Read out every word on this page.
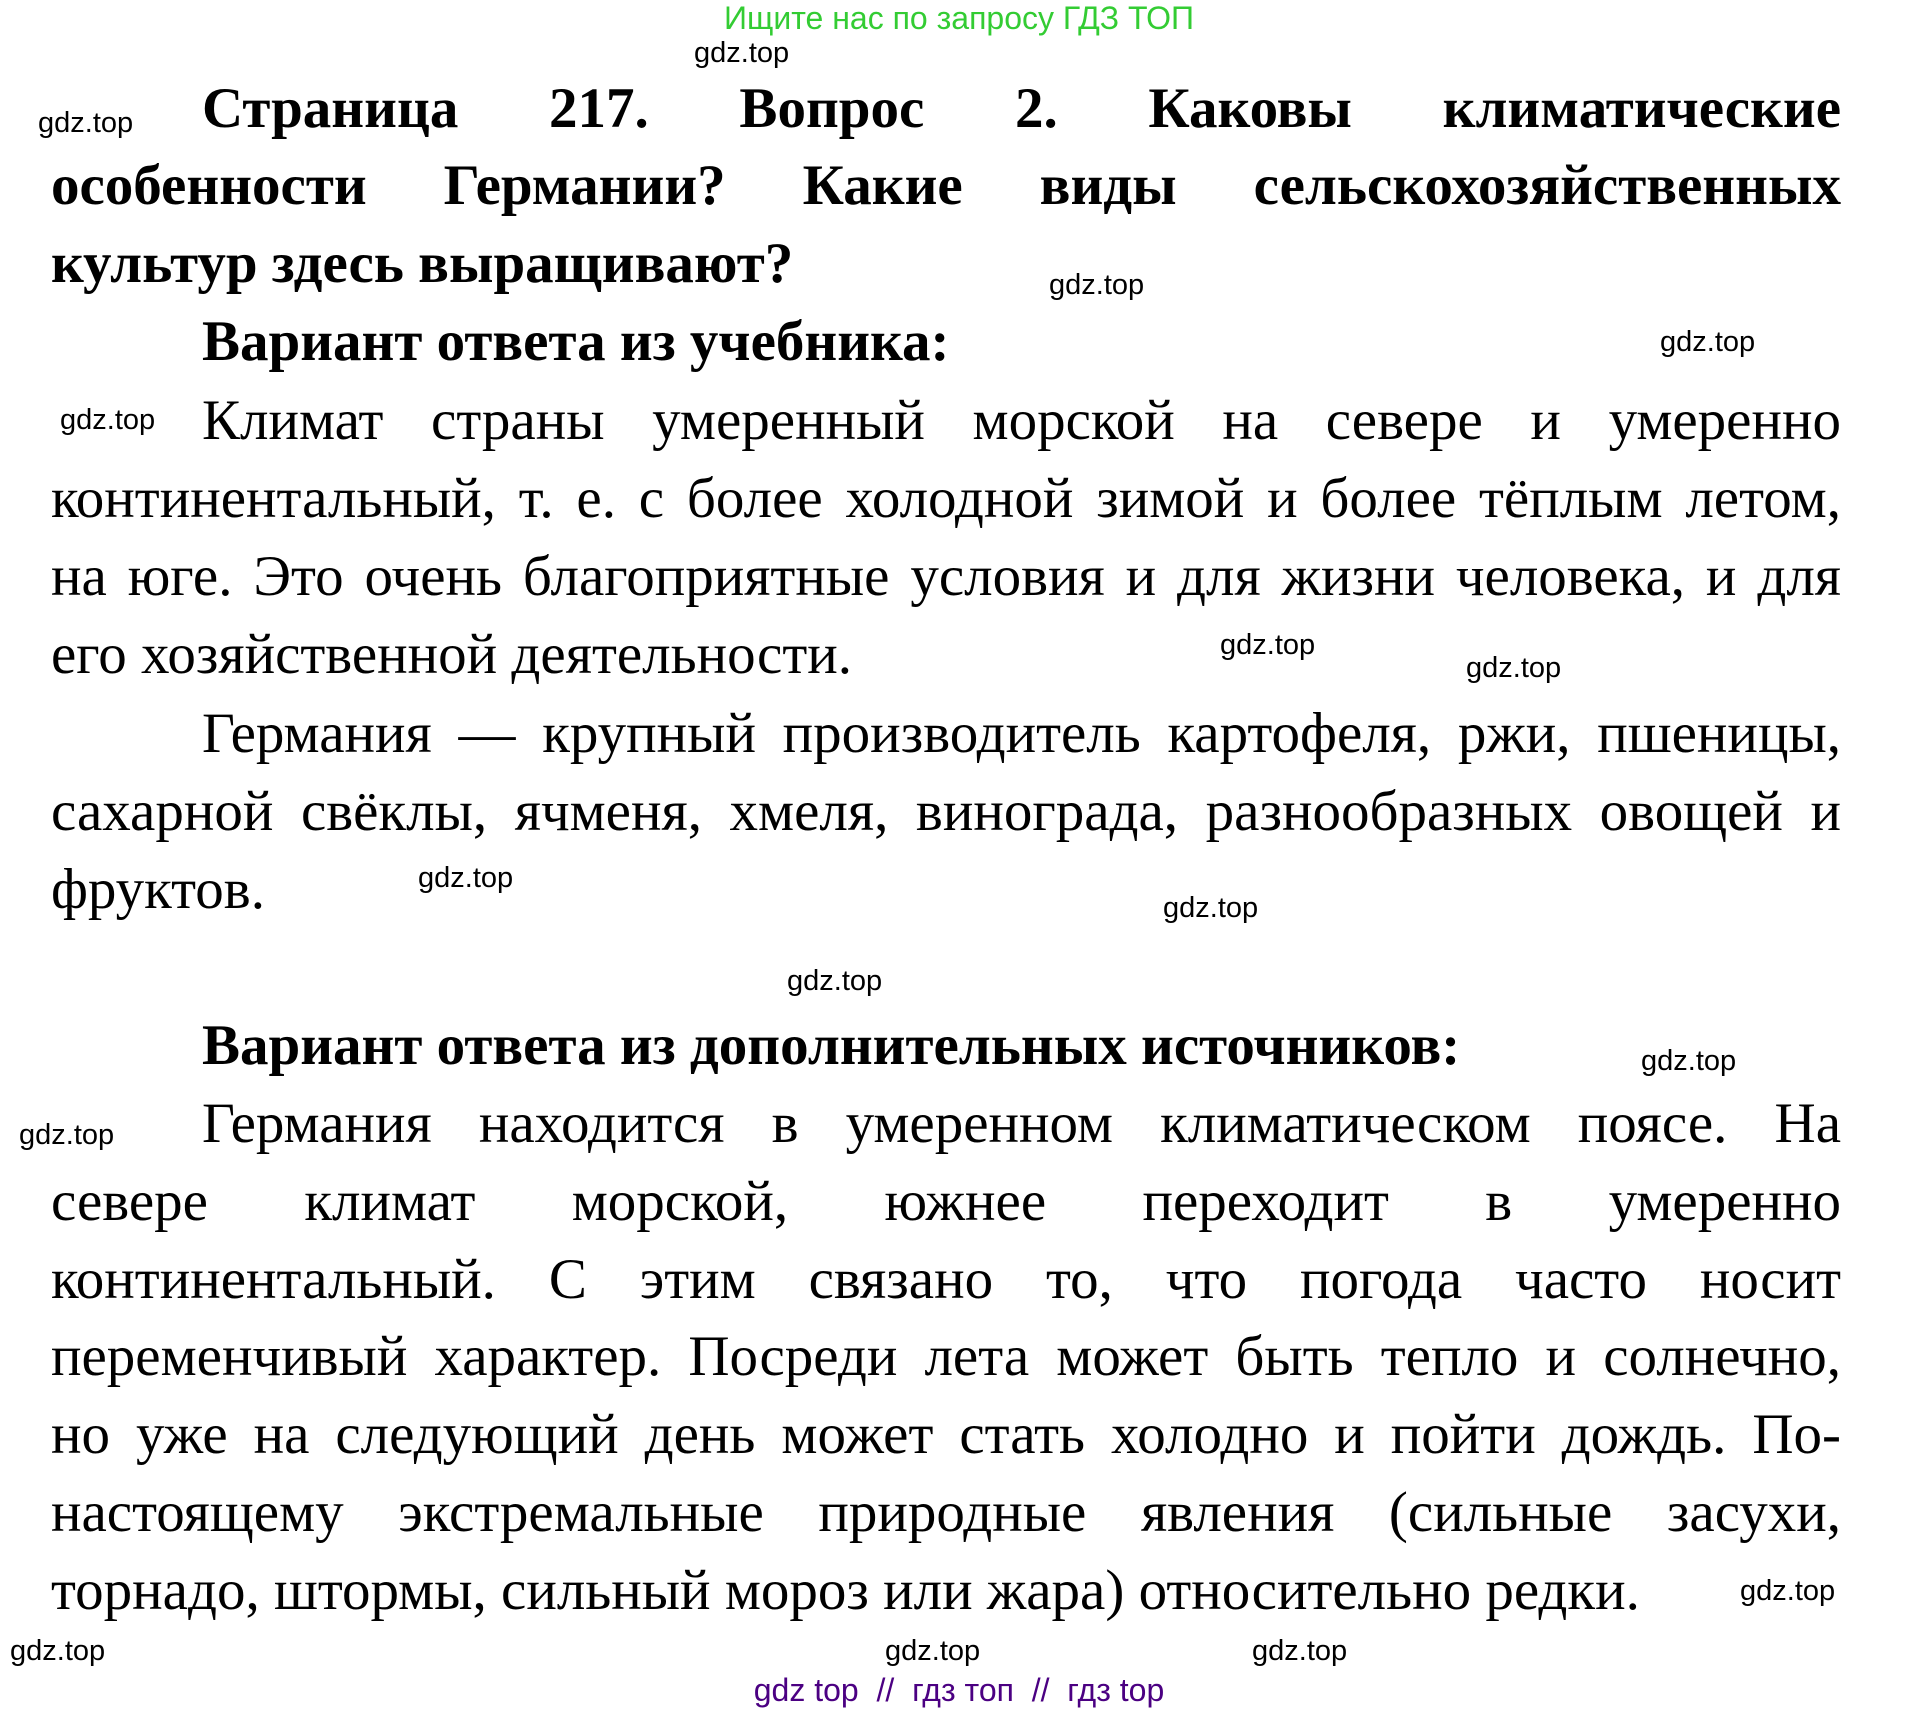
Ищите нас по запросу ГДЗ ТОП
Страница 217. Вопрос 2. Каковы климатические
особенности Германии? Какие виды сельскохозяйственных
культур здесь выращивают?
Вариант ответа из учебника:
Климат страны умеренный морской на севере и умеренно
континентальный, т. е. с более холодной зимой и более тёплым летом,
на юге. Это очень благоприятные условия и для жизни человека, и для
его хозяйственной деятельности.
Германия — крупный производитель картофеля, ржи, пшеницы,
сахарной свёклы, ячменя, хмеля, винограда, разнообразных овощей и
фруктов.
Вариант ответа из дополнительных источников:
Германия находится в умеренном климатическом поясе. На
севере климат морской, южнее переходит в умеренно
континентальный. С этим связано то, что погода часто носит
переменчивый характер. Посреди лета может быть тепло и солнечно,
но уже на следующий день может стать холодно и пойти дождь. По-
настоящему экстремальные природные явления (сильные засухи,
торнадо, штормы, сильный мороз или жара) относительно редки.
gdz.top
gdz.top
gdz.top
gdz.top
gdz.top
gdz.top
gdz.top
gdz.top
gdz.top
gdz.top
gdz.top
gdz.top
gdz.top
gdz.top	gdz.top
gdz.top
gdz top  //  гдз топ  //  гдз top
